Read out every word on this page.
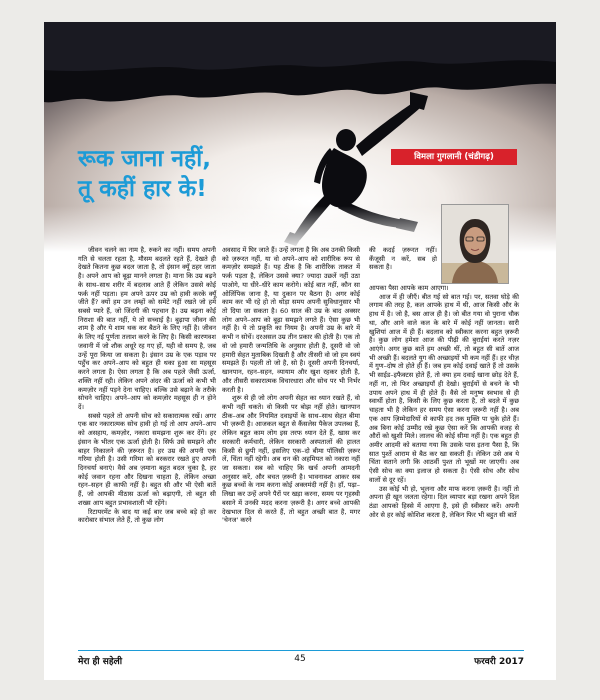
रूक जाना नहीं,
तू कहीं हार के!
विमला गुगलानी (चंडीगढ़)

जीवन चलने का नाम है, रुकने का नहीं। समय अपनी गति से चलता रहता है, मौसम बदलते रहते हैं, देखते ही देखते कितना कुछ बदल जाता है, तो इंसान क्यूँ ठहर जाता है। अपने आप को बूढ़ा मानने लगता है। माना कि उम्र बढ़ने के साथ–साथ शरीर में बदलाव आते हैं लेकिन उससे कोई फर्क नहीं पड़ता। हम अपने ऊपर उम्र को हावी करके क्यूँ जीते हैं? क्यों हम उन लम्हों को समेटे नहीं रखते जो हमें सबसे प्यारे हैं, जो जिंदगी की पहचान है। उम्र बढ़ना कोई निराशा की बात नहीं, ये तो सच्चाई है। बुढ़ापा जीवन की शाम है और ये शाम थक कर बैठने के लिए नहीं है। जीवन के लिए नई पूर्णता तलाश करने के लिए है। किसी कारणवश जवानी में जो शौक अधूरे रह गए हों, यही वो समय है, जब उन्हें पूरा किया जा सकता है। इंसान उम्र के एक पड़ाव पर पहुँच कर अपने–आप को बहुत ही थका हुआ सा महसूस करने लगता है। ऐसा लगता है कि अब पहले जैसी ऊर्जा, शक्ति नहीं रही। लेकिन अपने अंदर की ऊर्जा को कभी भी कमज़ोर नहीं पड़ने देना चाहिए। बल्कि उसे बढ़ाने के तरीके सोचने चाहिए। अपने–आप को कमज़ोर महसूस ही न होने दें।

सबसे पहले तो अपनी सोच को सकारात्मक रखें। अगर एक बार नकारात्मक सोच हावी हो गई तो आप अपने–आप को असहाय, कमज़ोर, नकारा समझना शुरू कर देंगे। हर इंसान के भीतर एक ऊर्जा होती है। सिर्फ उसे समझने और बाहर निकालने की ज़रूरत है। हर उम्र की अपनी एक गरिमा होती है। उसी गरिमा को बरकरार रखते हुए अपनी दिनचर्या बनाएं। वैसे अब ज़माना बहुत बदल चुका है, हर कोई जवान रहना और दिखना चाहता है, लेकिन अच्छा रहन–सहन ही काफी नहीं है। बहुत सी और भी ऐसी बातें हैं, जो आपकी मीठास ऊर्जा को बढ़ाएगी, तो बहुत सी शख्स आप बहुत प्रभावशाली भी रहेंगे।

रिटायरमेंट के बाद या कई बार जब बच्चे बड़े हो कर कारोबार संभाल लेते हैं, तो कुछ लोग

अवसाद में घिर जाते हैं। उन्हें लगता है कि अब उनकी किसी को ज़रूरत नहीं, या वो अपने–आप को शारीरिक रूप से कमज़ोर समझते हैं। यह ठीक है कि शारीरिक ताकत में फर्क पड़ता है, लेकिन उससे क्या? ज्यादा उछलें नहीं उठा पाओगे, या धीरे–धीरे काम करोगे। कोई बात नहीं, कौन सा ओलिंपिक जाना है, या दुकान पर बैठना है। अगर कोई काम कर भी रहे हो तो थोड़ा समय अपनी सुविधानुसार भी तो दिया जा सकता है। 60 साल की उम्र के बाद अक्सर लोग अपने–आप को बूढ़ा समझने लगते हैं। ऐसा कुछ भी नहीं है। ये तो प्रकृति का नियम है। अपनी उम्र के बारे में कभी न सोचें। दरअसल उम्र तीन प्रकार की होती है। एक तो वो जो हमारी जन्मतिथि के अनुसार होती है, दूसरी वो जो हमारी सेहत मुताबिक दिखती है और तीसरी वो जो हम स्वयं समझते हैं। पहली तो जो है, सो है। दूसरी अपनी दिनचर्या, खानपान, रहन–सहन, व्यायाम और खुश रहकर होती है, और तीसरी सकारात्मक विचारधारा और सोच पर भी निर्भर करती है।

शुरू से ही जो लोग अपनी सेहत का ध्यान रखते हैं, वो कभी नहीं थकते। वो किसी पर बोझ नहीं होते। खानपान ठीक–अब और नियमित दवाइयों के साथ–साथ सेहत बीमा भी ज़रूरी है। आजकल बहुत से कैंसलेस पैकेज उपलब्ध हैं, लेकिन बहुत काम लोग इस तरफ ध्यान देते हैं, खास कर सरकारी कर्मचारी, लेकिन सरकारी अस्पतालों की हालत किसी से छुपी नहीं, इसलिए एक–दो बीमा पॉलिसी ज़रूर लें, चिंता नहीं रहेगी। अब धन की अहमियत को नकारा नहीं जा सकता। सब को चाहिए कि खर्च अपनी आमदनी अनुसार करें, और बचत ज़रूरी है। भावनावश आकर सब कुछ बच्चों के नाम करना कोई अक्लमंदी नहीं है। हाँ, पढ़ा–लिखा कर उन्हें अपने पैरों पर खड़ा करना, समय पर गृहस्थी बसाने में उनकी मदद करना ज़रूरी है। अगर बच्चे आपकी देखभाल दिल से करते हैं, तो बहुत अच्छी बात है, मगर 'चेनज' करने

की कदई ज़रूरत नहीं। कँजूसी न करें, सब हो सकता है।

आपका पैसा आपके काम आएगा।

आज में ही जीएँ। बीत गई सो बात गई। पर, सतवा घोड़े की लगाम की तरह है, कल आपके हाथ में थी, आज किसी और के हाथ में है। जो है, बस आज ही है। जो बीत गया वो पुराना चौक था, और आने वाले कल के बारे में कोई नहीं जानता। सारी खुशियां आज में ही हैं। बदलाव को स्वीकार करना बहुत ज़रूरी है। कुछ लोग हमेशा आज की पीढ़ी की बुराईयां करते नज़र आएंगे। अगर कुछ बातें हम अच्छी थीं, तो बहुत सी बातें आज भी अच्छी हैं। बदलते युग की अच्छाइयों भी कम नहीं हैं। हर चीज़ में गुण–दोष तो होते ही हैं। जब हम कोई दवाई खाते हैं तो उसके भी साईड–इफैक्टस होते हैं, तो क्या हम दवाई खाना छोड़ देते हैं, नहीं ना, तो फिर अच्छाइयाँ ही देखो। बुराईयों से बचने के भी उपाय अपने हाथ में ही होते हैं। वैसे तो मनुष्य स्वभाव से ही स्वार्थी होता है, किसी के लिए कुछ करता है, तो बदले में कुछ चाहता भी है लेकिन हर समय ऐसा करना ज़रूरी नहीं है। अब एक आप ज़िम्मेदारियों से काफी हद तक मुक्ति पा चुके होते हैं। अब बिना कोई उम्मीद रखे कुछ ऐसा करें कि आपकी वजह से औरों को खुशी मिले। लालच की कोई सीमा नहीं है। एक बहुत ही अमीर आदमी को बताया गया कि उसके पास इतना पैसा है, कि सात पुश्तें आराम से बैठ कर खा सकती हैं। लेकिन उसे अब ये चिंता सताने लगी कि आठवीं पुश्त तो भूखों मर जाएगी। अब ऐसी सोच का क्या इलाज हो सकता है। ऐसी सोच और सोच वालों से दूर रहें।

उस कोई भी हो, भूलना और माफ करना ज़रूरी है। नहीं तो अपना ही खून जलता रहेगा। दिल व्यापार बड़ा रखना अपने दिल ठंडा आपको हिस्से में आएगा है, इसे ही स्वीकार करें। अपनी ओर से हर कोई कोशिश करता है, लेकिन फिर भी बहुत सी बातें

मेरा ही सहेली	45	फरवरी 2017
